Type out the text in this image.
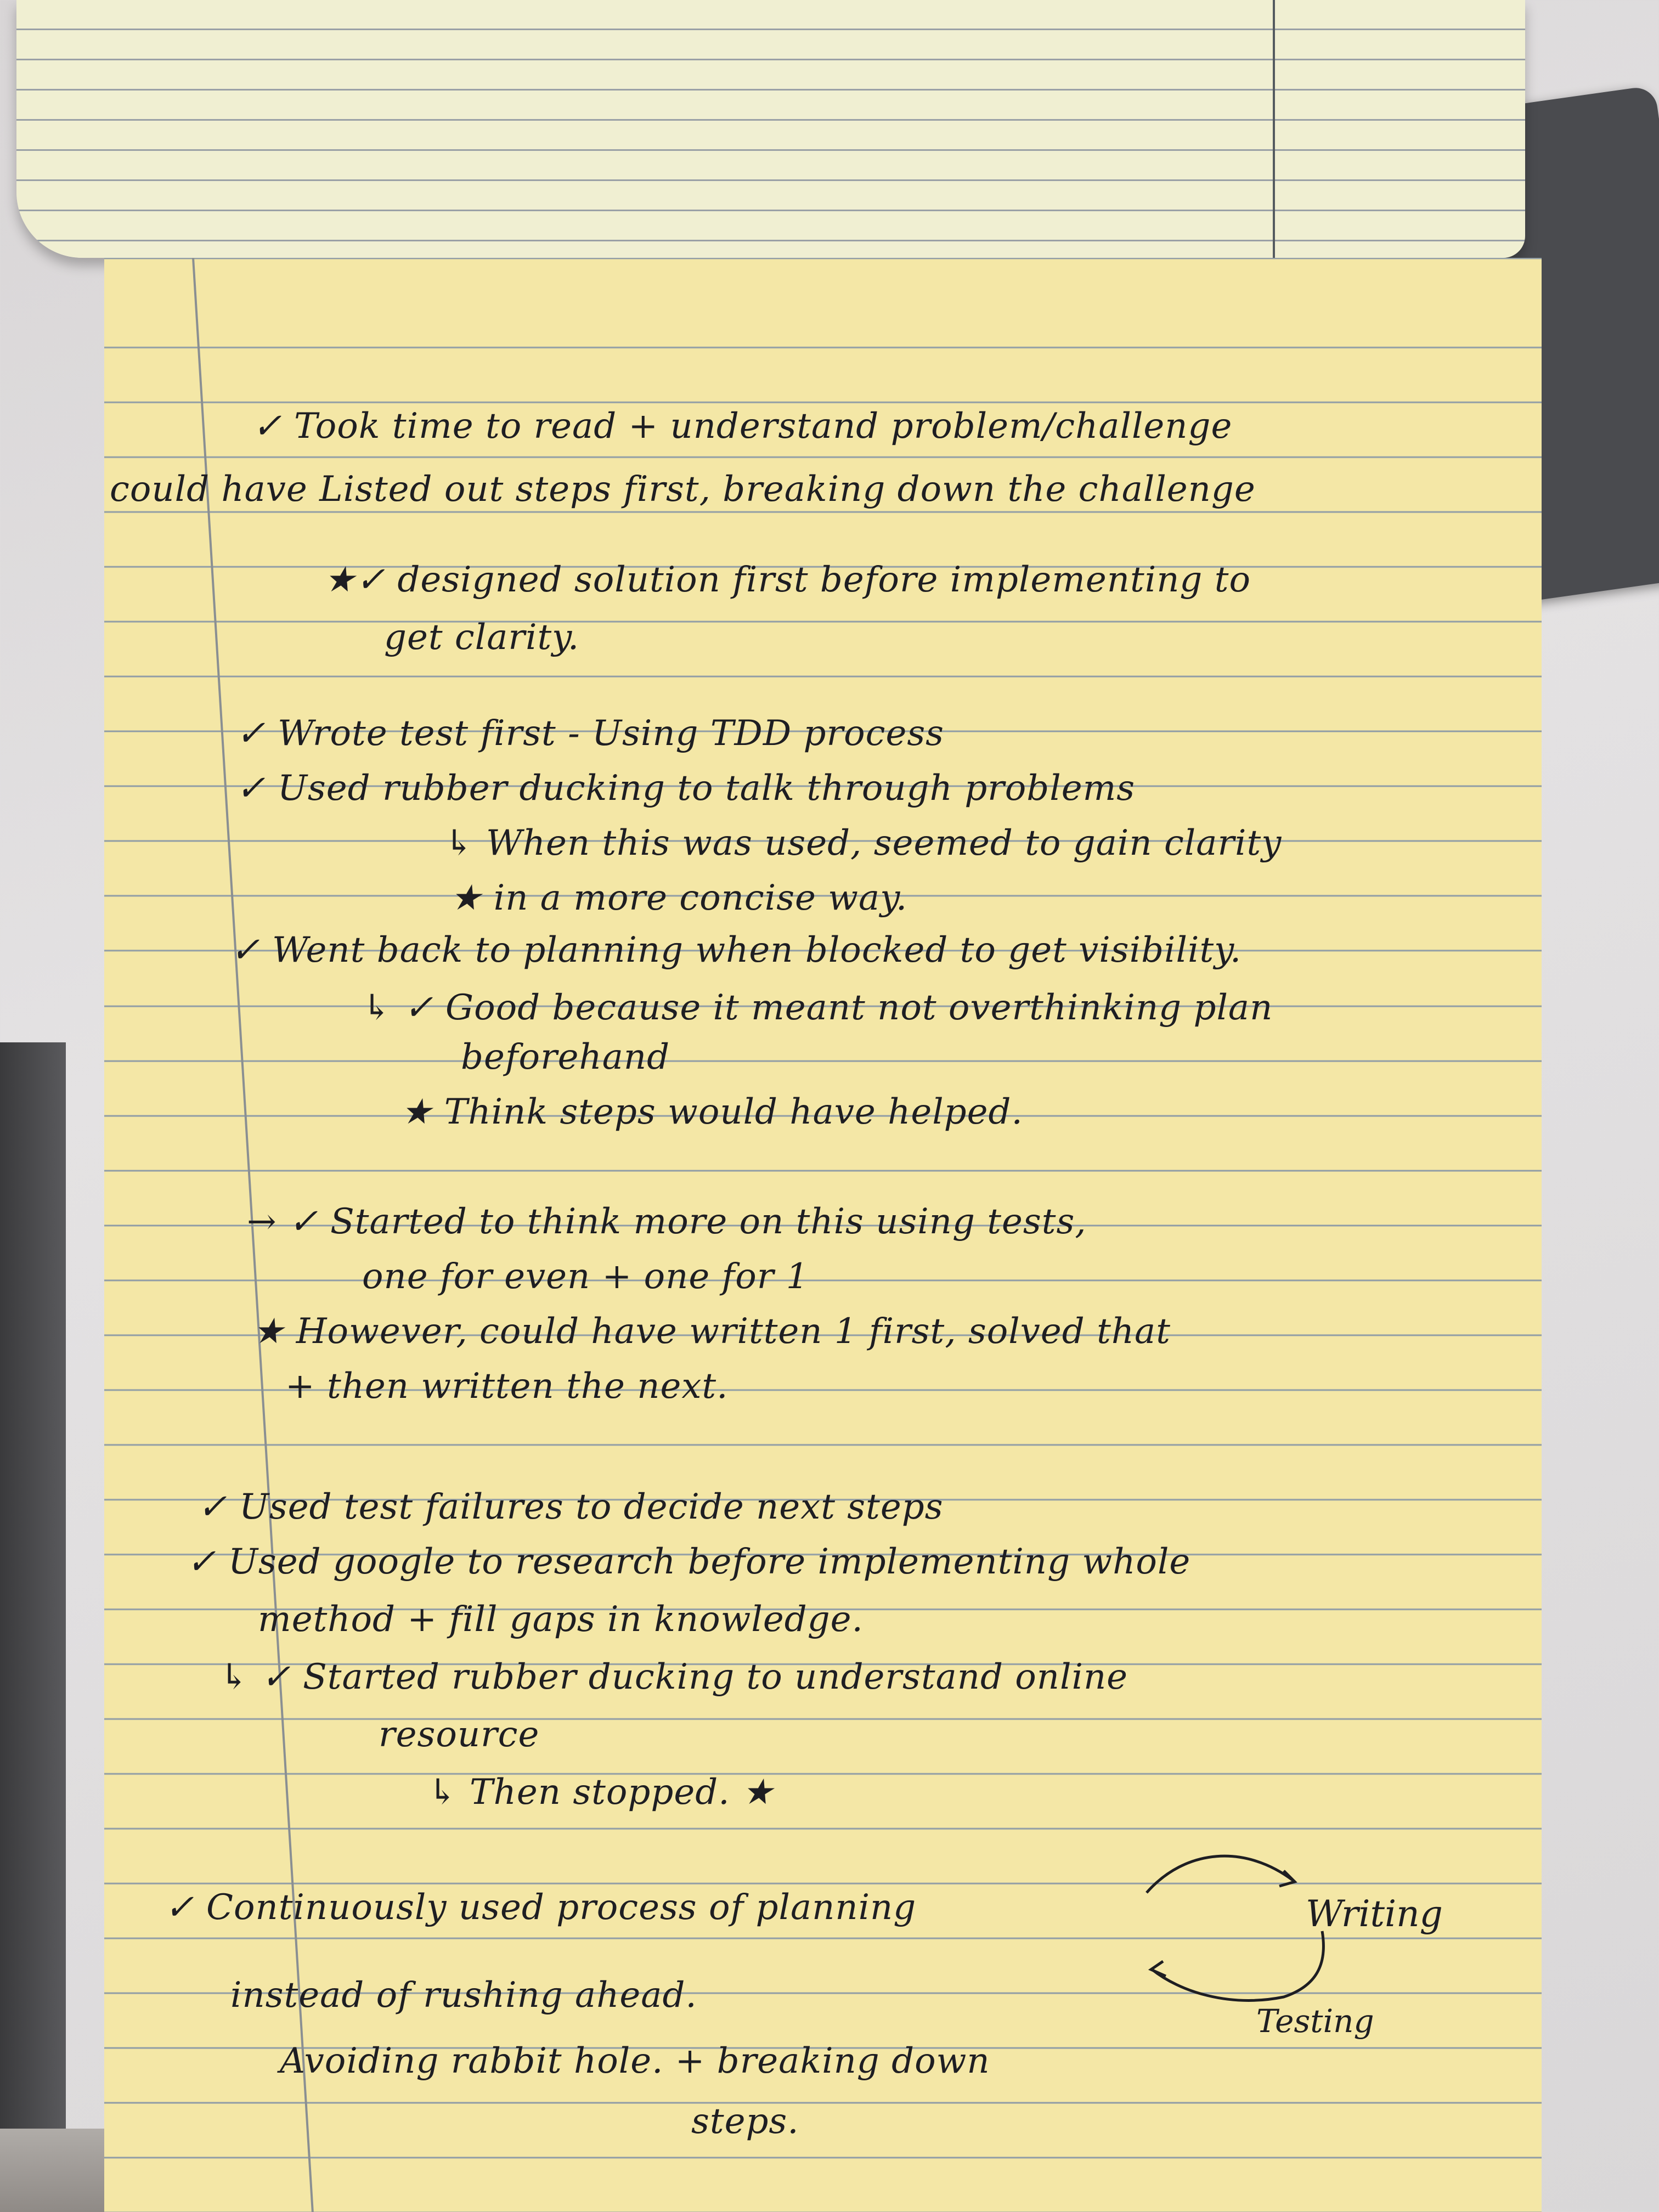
✓ Took time to read + understand problem/challenge

could have Listed out steps first, breaking down the challenge

★✓ designed solution first before implementing to

get clarity.

✓ Wrote test first - Using TDD process

✓ Used rubber ducking to talk through problems

↳ When this was used, seemed to gain clarity

★ in a more concise way.

✓ Went back to planning when blocked to get visibility.

↳ ✓ Good because it meant not overthinking plan

beforehand

★ Think steps would have helped.

→ ✓ Started to think more on this using tests,

one for even + one for 1

★ However, could have written 1 first, solved that

+ then written the next.

✓ Used test failures to decide next steps

✓ Used google to research before implementing whole

method + fill gaps in knowledge.

↳ ✓ Started rubber ducking to understand online

resource

↳ Then stopped. ★

✓ Continuously used process of planning

instead of rushing ahead.

Avoiding rabbit hole. + breaking down

steps.

Writing
Testing
